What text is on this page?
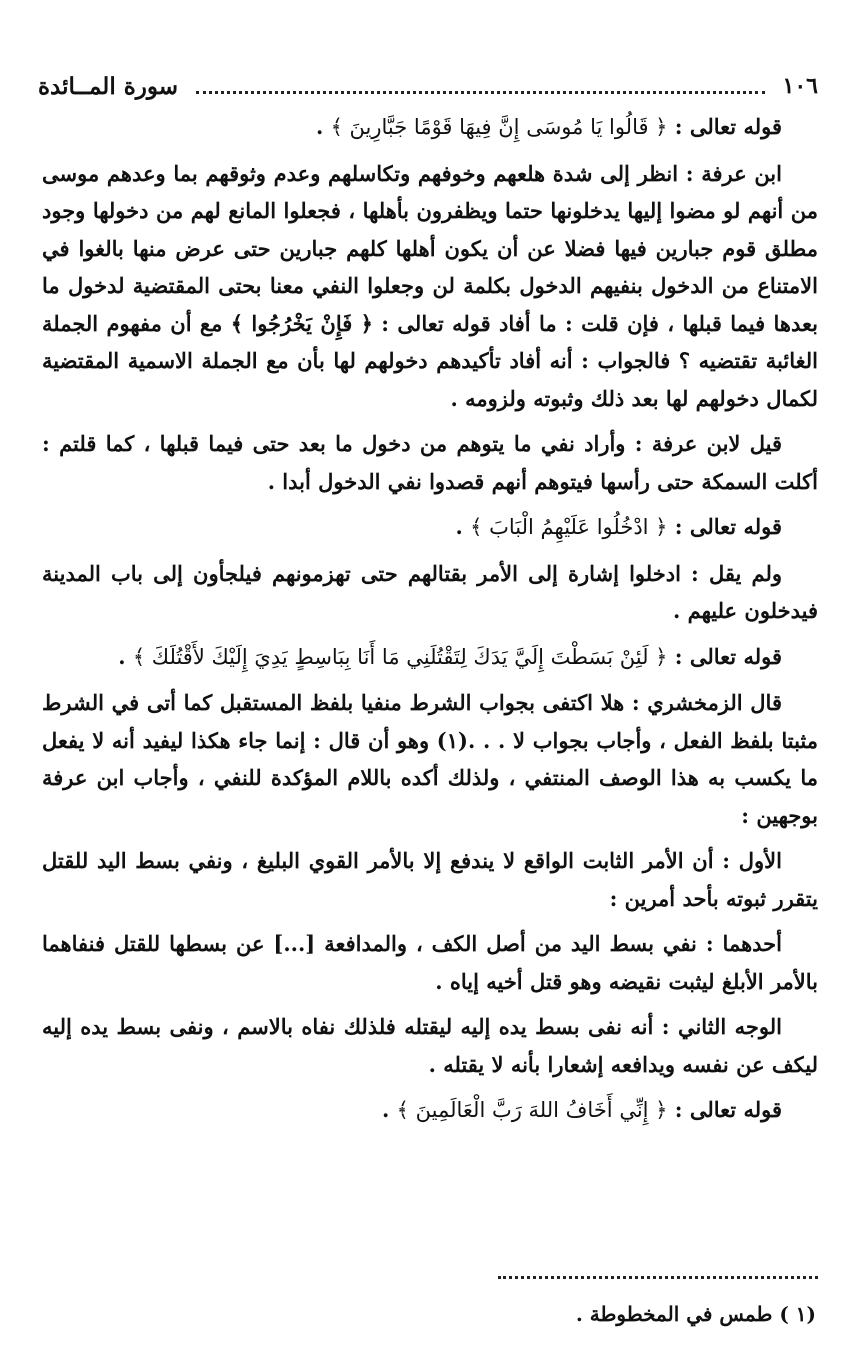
١٠٦
سورة المــائدة

قوله تعالى : ﴿ قَالُوا يَا مُوسَى إِنَّ فِيهَا قَوْمًا جَبَّارِينَ ﴾ .

ابن عرفة : انظر إلى شدة هلعهم وخوفهم وتكاسلهم وعدم وثوقهم بما وعدهم موسى من أنهم لو مضوا إليها يدخلونها حتما ويظفرون بأهلها ، فجعلوا المانع لهم من دخولها وجود مطلق قوم جبارين فيها فضلا عن أن يكون أهلها كلهم جبارين حتى عرض منها بالغوا في الامتناع من الدخول بنفيهم الدخول بكلمة لن وجعلوا النفي معنا بحتى المقتضية لدخول ما بعدها فيما قبلها ، فإن قلت : ما أفاد قوله تعالى : ﴿ فَإِنْ يَخْرُجُوا ﴾ مع أن مفهوم الجملة الغائبة تقتضيه ؟ فالجواب : أنه أفاد تأكيدهم دخولهم لها بأن مع الجملة الاسمية المقتضية لكمال دخولهم لها بعد ذلك وثبوته ولزومه .

قيل لابن عرفة : وأراد نفي ما يتوهم من دخول ما بعد حتى فيما قبلها ، كما قلتم : أكلت السمكة حتى رأسها فيتوهم أنهم قصدوا نفي الدخول أبدا .

قوله تعالى : ﴿ ادْخُلُوا عَلَيْهِمُ الْبَابَ ﴾ .

ولم يقل : ادخلوا إشارة إلى الأمر بقتالهم حتى تهزمونهم فيلجأون إلى باب المدينة فيدخلون عليهم .

قوله تعالى : ﴿ لَئِنْ بَسَطْتَ إِلَيَّ يَدَكَ لِتَقْتُلَنِي مَا أَنَا بِبَاسِطٍ يَدِيَ إِلَيْكَ لأَقْتُلَكَ ﴾ .

قال الزمخشري : هلا اكتفى بجواب الشرط منفيا بلفظ المستقبل كما أتى في الشرط مثبتا بلفظ الفعل ، وأجاب بجواب لا . . .(١) وهو أن قال : إنما جاء هكذا ليفيد أنه لا يفعل ما يكسب به هذا الوصف المنتفي ، ولذلك أكده باللام المؤكدة للنفي ، وأجاب ابن عرفة بوجهين :

الأول : أن الأمر الثابت الواقع لا يندفع إلا بالأمر القوي البليغ ، ونفي بسط اليد للقتل يتقرر ثبوته بأحد أمرين :

أحدهما : نفي بسط اليد من أصل الكف ، والمدافعة [...] عن بسطها للقتل فنفاهما بالأمر الأبلغ ليثبت نقيضه وهو قتل أخيه إياه .

الوجه الثاني : أنه نفى بسط يده إليه ليقتله فلذلك نفاه بالاسم ، ونفى بسط يده إليه ليكف عن نفسه ويدافعه إشعارا بأنه لا يقتله .

قوله تعالى : ﴿ إِنِّي أَخَافُ اللهَ رَبَّ الْعَالَمِينَ ﴾ .

(١ ) طمس في المخطوطة .
